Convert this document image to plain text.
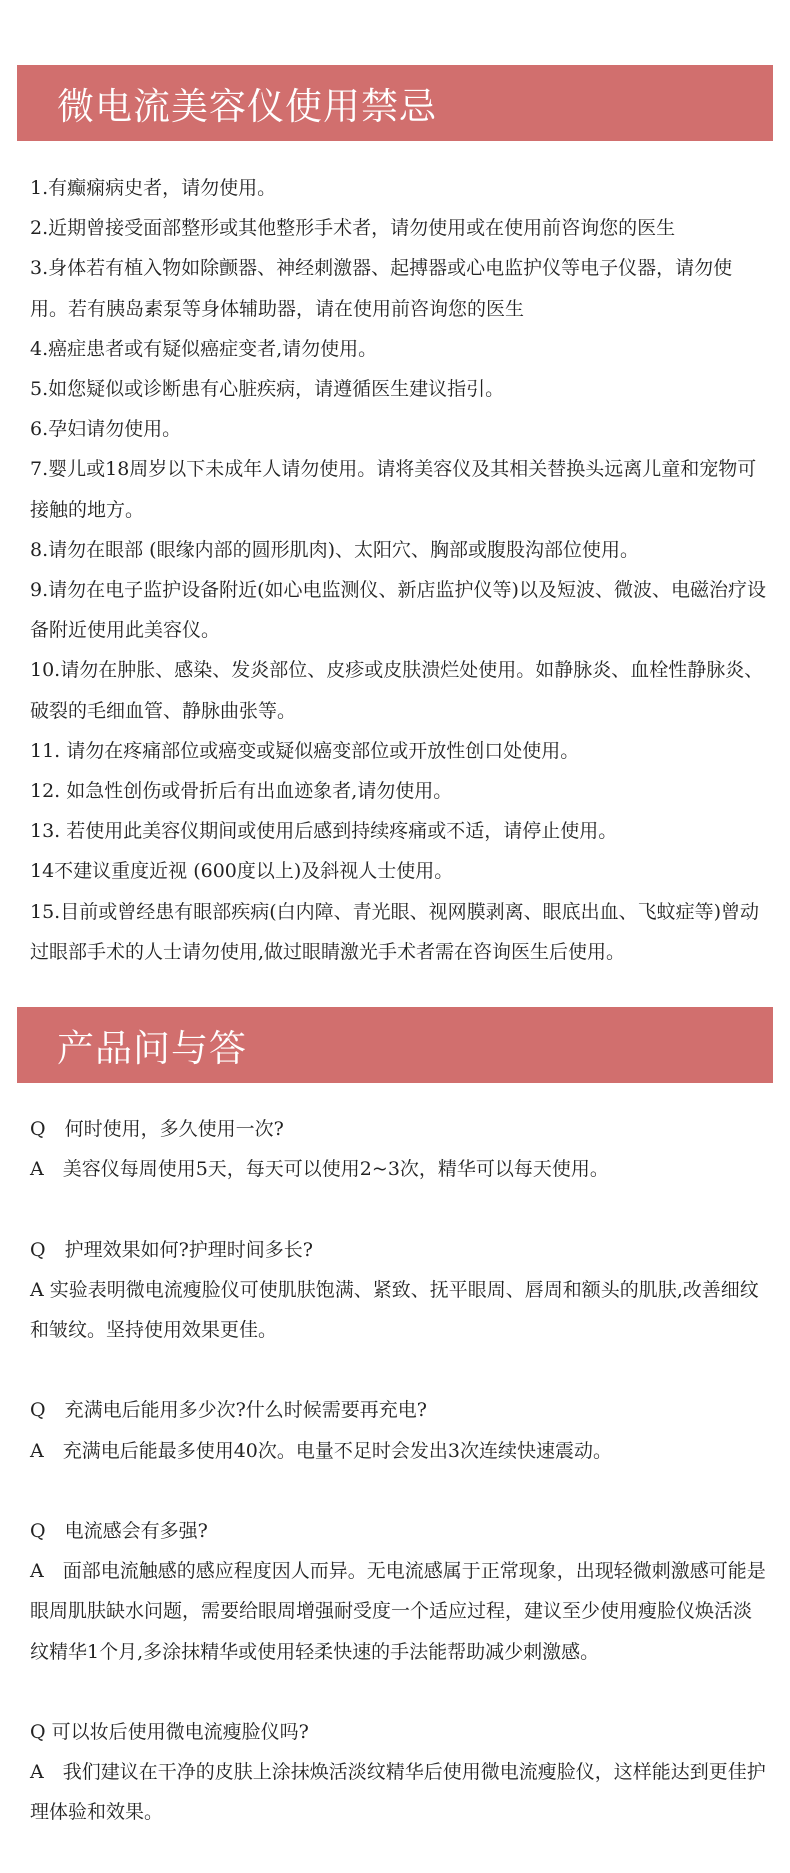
微电流美容仪使用禁忌
1.有癫痫病史者，请勿使用。
2.近期曾接受面部整形或其他整形手术者，请勿使用或在使用前咨询您的医生
3.身体若有植入物如除颤器、神经刺激器、起搏器或心电监护仪等电子仪器，请勿使用。若有胰岛素泵等身体辅助器，请在使用前咨询您的医生
4.癌症患者或有疑似癌症变者,请勿使用。
5.如您疑似或诊断患有心脏疾病，请遵循医生建议指引。
6.孕妇请勿使用。
7.婴儿或18周岁以下未成年人请勿使用。请将美容仪及其相关替换头远离儿童和宠物可接触的地方。
8.请勿在眼部 (眼缘内部的圆形肌肉)、太阳穴、胸部或腹股沟部位使用。
9.请勿在电子监护设备附近(如心电监测仪、新店监护仪等)以及短波、微波、电磁治疗设备附近使用此美容仪。
10.请勿在肿胀、感染、发炎部位、皮疹或皮肤溃烂处使用。如静脉炎、血栓性静脉炎、破裂的毛细血管、静脉曲张等。
11. 请勿在疼痛部位或癌变或疑似癌变部位或开放性创口处使用。
12. 如急性创伤或骨折后有出血迹象者,请勿使用。
13. 若使用此美容仪期间或使用后感到持续疼痛或不适，请停止使用。
14不建议重度近视 (600度以上)及斜视人士使用。
15.目前或曾经患有眼部疾病(白内障、青光眼、视网膜剥离、眼底出血、飞蚊症等)曾动过眼部手术的人士请勿使用,做过眼睛激光手术者需在咨询医生后使用。
产品问与答

Q　何时使用，多久使用一次?

A　美容仪每周使用5天，每天可以使用2~3次，精华可以每天使用。

Q　护理效果如何?护理时间多长?

A 实验表明微电流瘦脸仪可使肌肤饱满、紧致、抚平眼周、唇周和额头的肌肤,改善细纹和皱纹。坚持使用效果更佳。

Q　充满电后能用多少次?什么时候需要再充电?

A　充满电后能最多使用40次。电量不足时会发出3次连续快速震动。

Q　电流感会有多强?

A　面部电流触感的感应程度因人而异。无电流感属于正常现象，出现轻微刺激感可能是眼周肌肤缺水问题，需要给眼周增强耐受度一个适应过程，建议至少使用瘦脸仪焕活淡纹精华1个月,多涂抹精华或使用轻柔快速的手法能帮助减少刺激感。

Q 可以妆后使用微电流瘦脸仪吗?

A　我们建议在干净的皮肤上涂抹焕活淡纹精华后使用微电流瘦脸仪，这样能达到更佳护理体验和效果。
